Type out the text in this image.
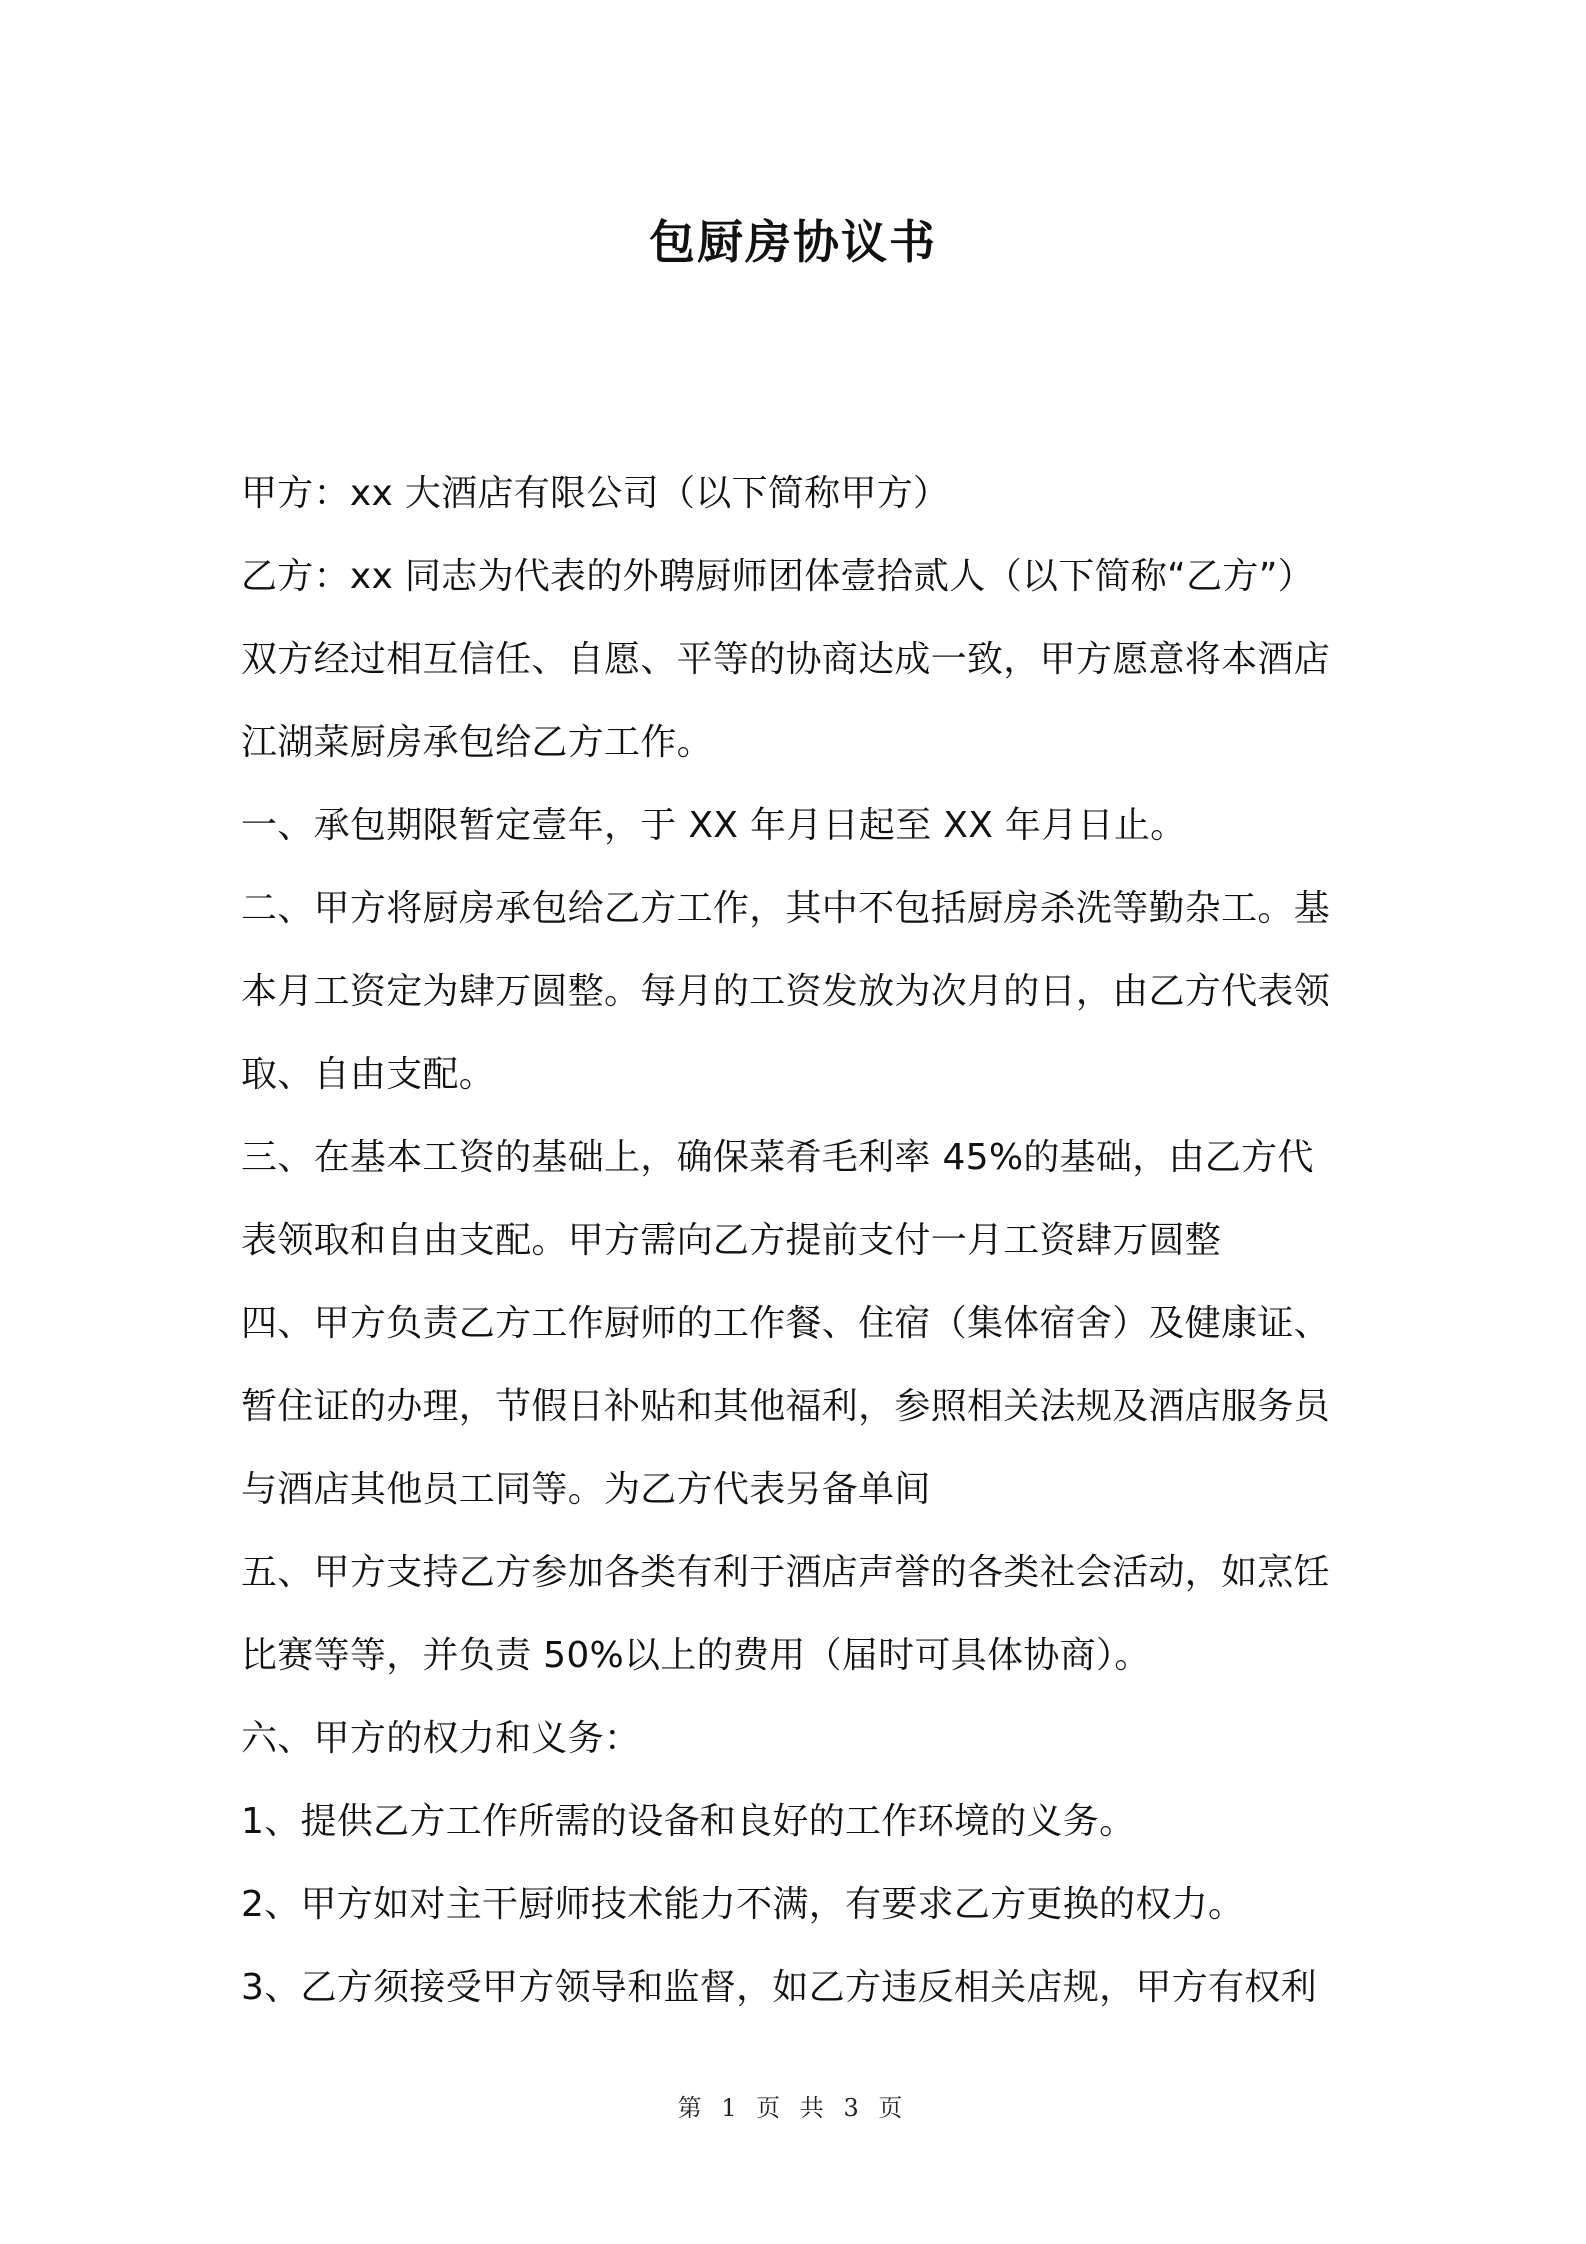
包厨房协议书
甲方：xx 大酒店有限公司（以下简称甲方）
乙方：xx 同志为代表的外聘厨师团体壹拾贰人（以下简称“乙方”）
双方经过相互信任、自愿、平等的协商达成一致，甲方愿意将本酒店
江湖菜厨房承包给乙方工作。
一、承包期限暂定壹年，于 XX 年月日起至 XX 年月日止。
二、甲方将厨房承包给乙方工作，其中不包括厨房杀洗等勤杂工。基
本月工资定为肆万圆整。每月的工资发放为次月的日，由乙方代表领
取、自由支配。
三、在基本工资的基础上，确保菜肴毛利率 45%的基础，由乙方代
表领取和自由支配。甲方需向乙方提前支付一月工资肆万圆整
四、甲方负责乙方工作厨师的工作餐、住宿（集体宿舍）及健康证、
暂住证的办理，节假日补贴和其他福利，参照相关法规及酒店服务员
与酒店其他员工同等。为乙方代表另备单间
五、甲方支持乙方参加各类有利于酒店声誉的各类社会活动，如烹饪
比赛等等，并负责 50%以上的费用（届时可具体协商）。
六、甲方的权力和义务：
1、提供乙方工作所需的设备和良好的工作环境的义务。
2、甲方如对主干厨师技术能力不满，有要求乙方更换的权力。
3、乙方须接受甲方领导和监督，如乙方违反相关店规，甲方有权利
第 1 页 共 3 页
